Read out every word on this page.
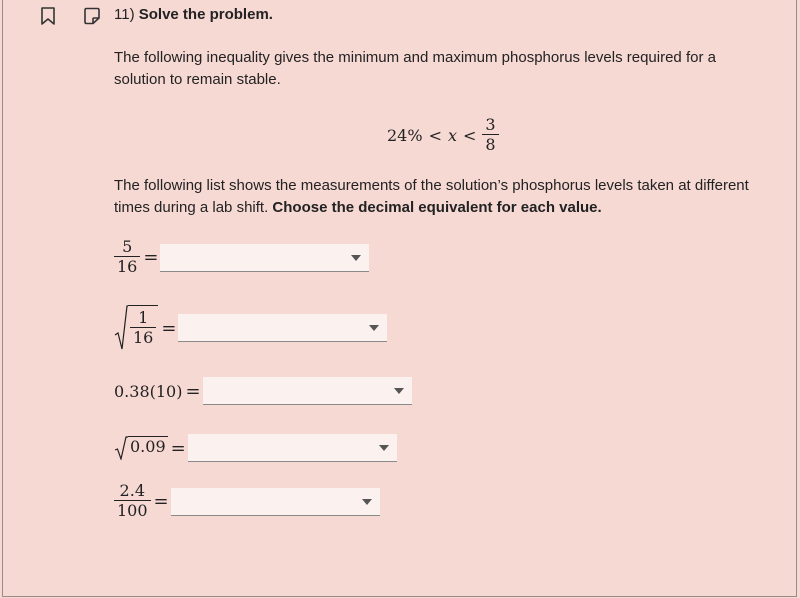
11) Solve the problem.
The following inequality gives the minimum and maximum phosphorus levels required for a solution to remain stable.
$24\% < x < \frac{3}{8}$
The following list shows the measurements of the solution’s phosphorus levels taken at different times during a lab shift. Choose the decimal equivalent for each value.
$\frac{5}{16}$ =
$\frac{1}{16}$ =
0.38(10) =
0.09 =
$\frac{2.4}{100}$ =
